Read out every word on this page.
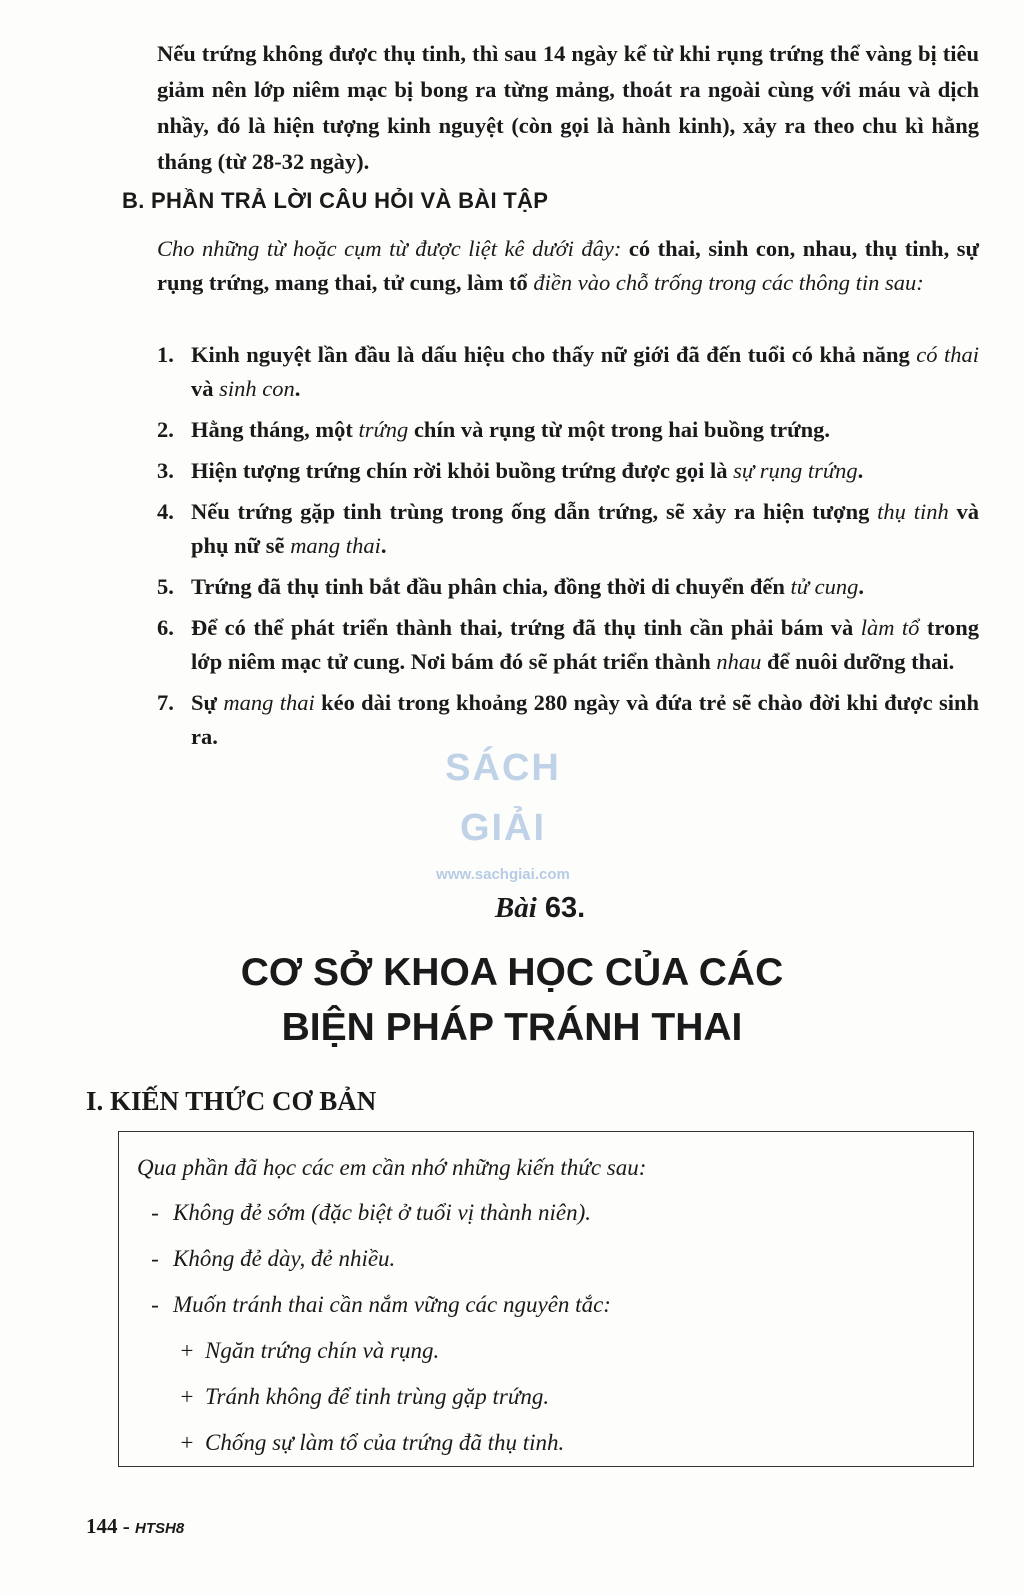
Nếu trứng không được thụ tinh, thì sau 14 ngày kể từ khi rụng trứng thể vàng bị tiêu giảm nên lớp niêm mạc bị bong ra từng mảng, thoát ra ngoài cùng với máu và dịch nhầy, đó là hiện tượng kinh nguyệt (còn gọi là hành kinh), xảy ra theo chu kì hằng tháng (từ 28-32 ngày).

B. PHẦN TRẢ LỜI CÂU HỎI VÀ BÀI TẬP

Cho những từ hoặc cụm từ được liệt kê dưới đây: có thai, sinh con, nhau, thụ tinh, sự rụng trứng, mang thai, tử cung, làm tổ điền vào chỗ trống trong các thông tin sau:

1. Kinh nguyệt lần đầu là dấu hiệu cho thấy nữ giới đã đến tuổi có khả năng có thai và sinh con.
2. Hằng tháng, một trứng chín và rụng từ một trong hai buồng trứng.
3. Hiện tượng trứng chín rời khỏi buồng trứng được gọi là sự rụng trứng.
4. Nếu trứng gặp tinh trùng trong ống dẫn trứng, sẽ xảy ra hiện tượng thụ tinh và phụ nữ sẽ mang thai.
5. Trứng đã thụ tinh bắt đầu phân chia, đồng thời di chuyển đến tử cung.
6. Để có thể phát triển thành thai, trứng đã thụ tinh cần phải bám và làm tổ trong lớp niêm mạc tử cung. Nơi bám đó sẽ phát triển thành nhau để nuôi dưỡng thai.
7. Sự mang thai kéo dài trong khoảng 280 ngày và đứa trẻ sẽ chào đời khi được sinh ra.
SÁCH GIẢI
www.sachgiai.com
Bài 63.
CƠ SỞ KHOA HỌC CỦA CÁC
BIỆN PHÁP TRÁNH THAI
I. KIẾN THỨC CƠ BẢN
Qua phần đã học các em cần nhớ những kiến thức sau:
- Không đẻ sớm (đặc biệt ở tuổi vị thành niên).
- Không đẻ dày, đẻ nhiều.
- Muốn tránh thai cần nắm vững các nguyên tắc:
+ Ngăn trứng chín và rụng.
+ Tránh không để tinh trùng gặp trứng.
+ Chống sự làm tổ của trứng đã thụ tinh.
144 - HTSH8
